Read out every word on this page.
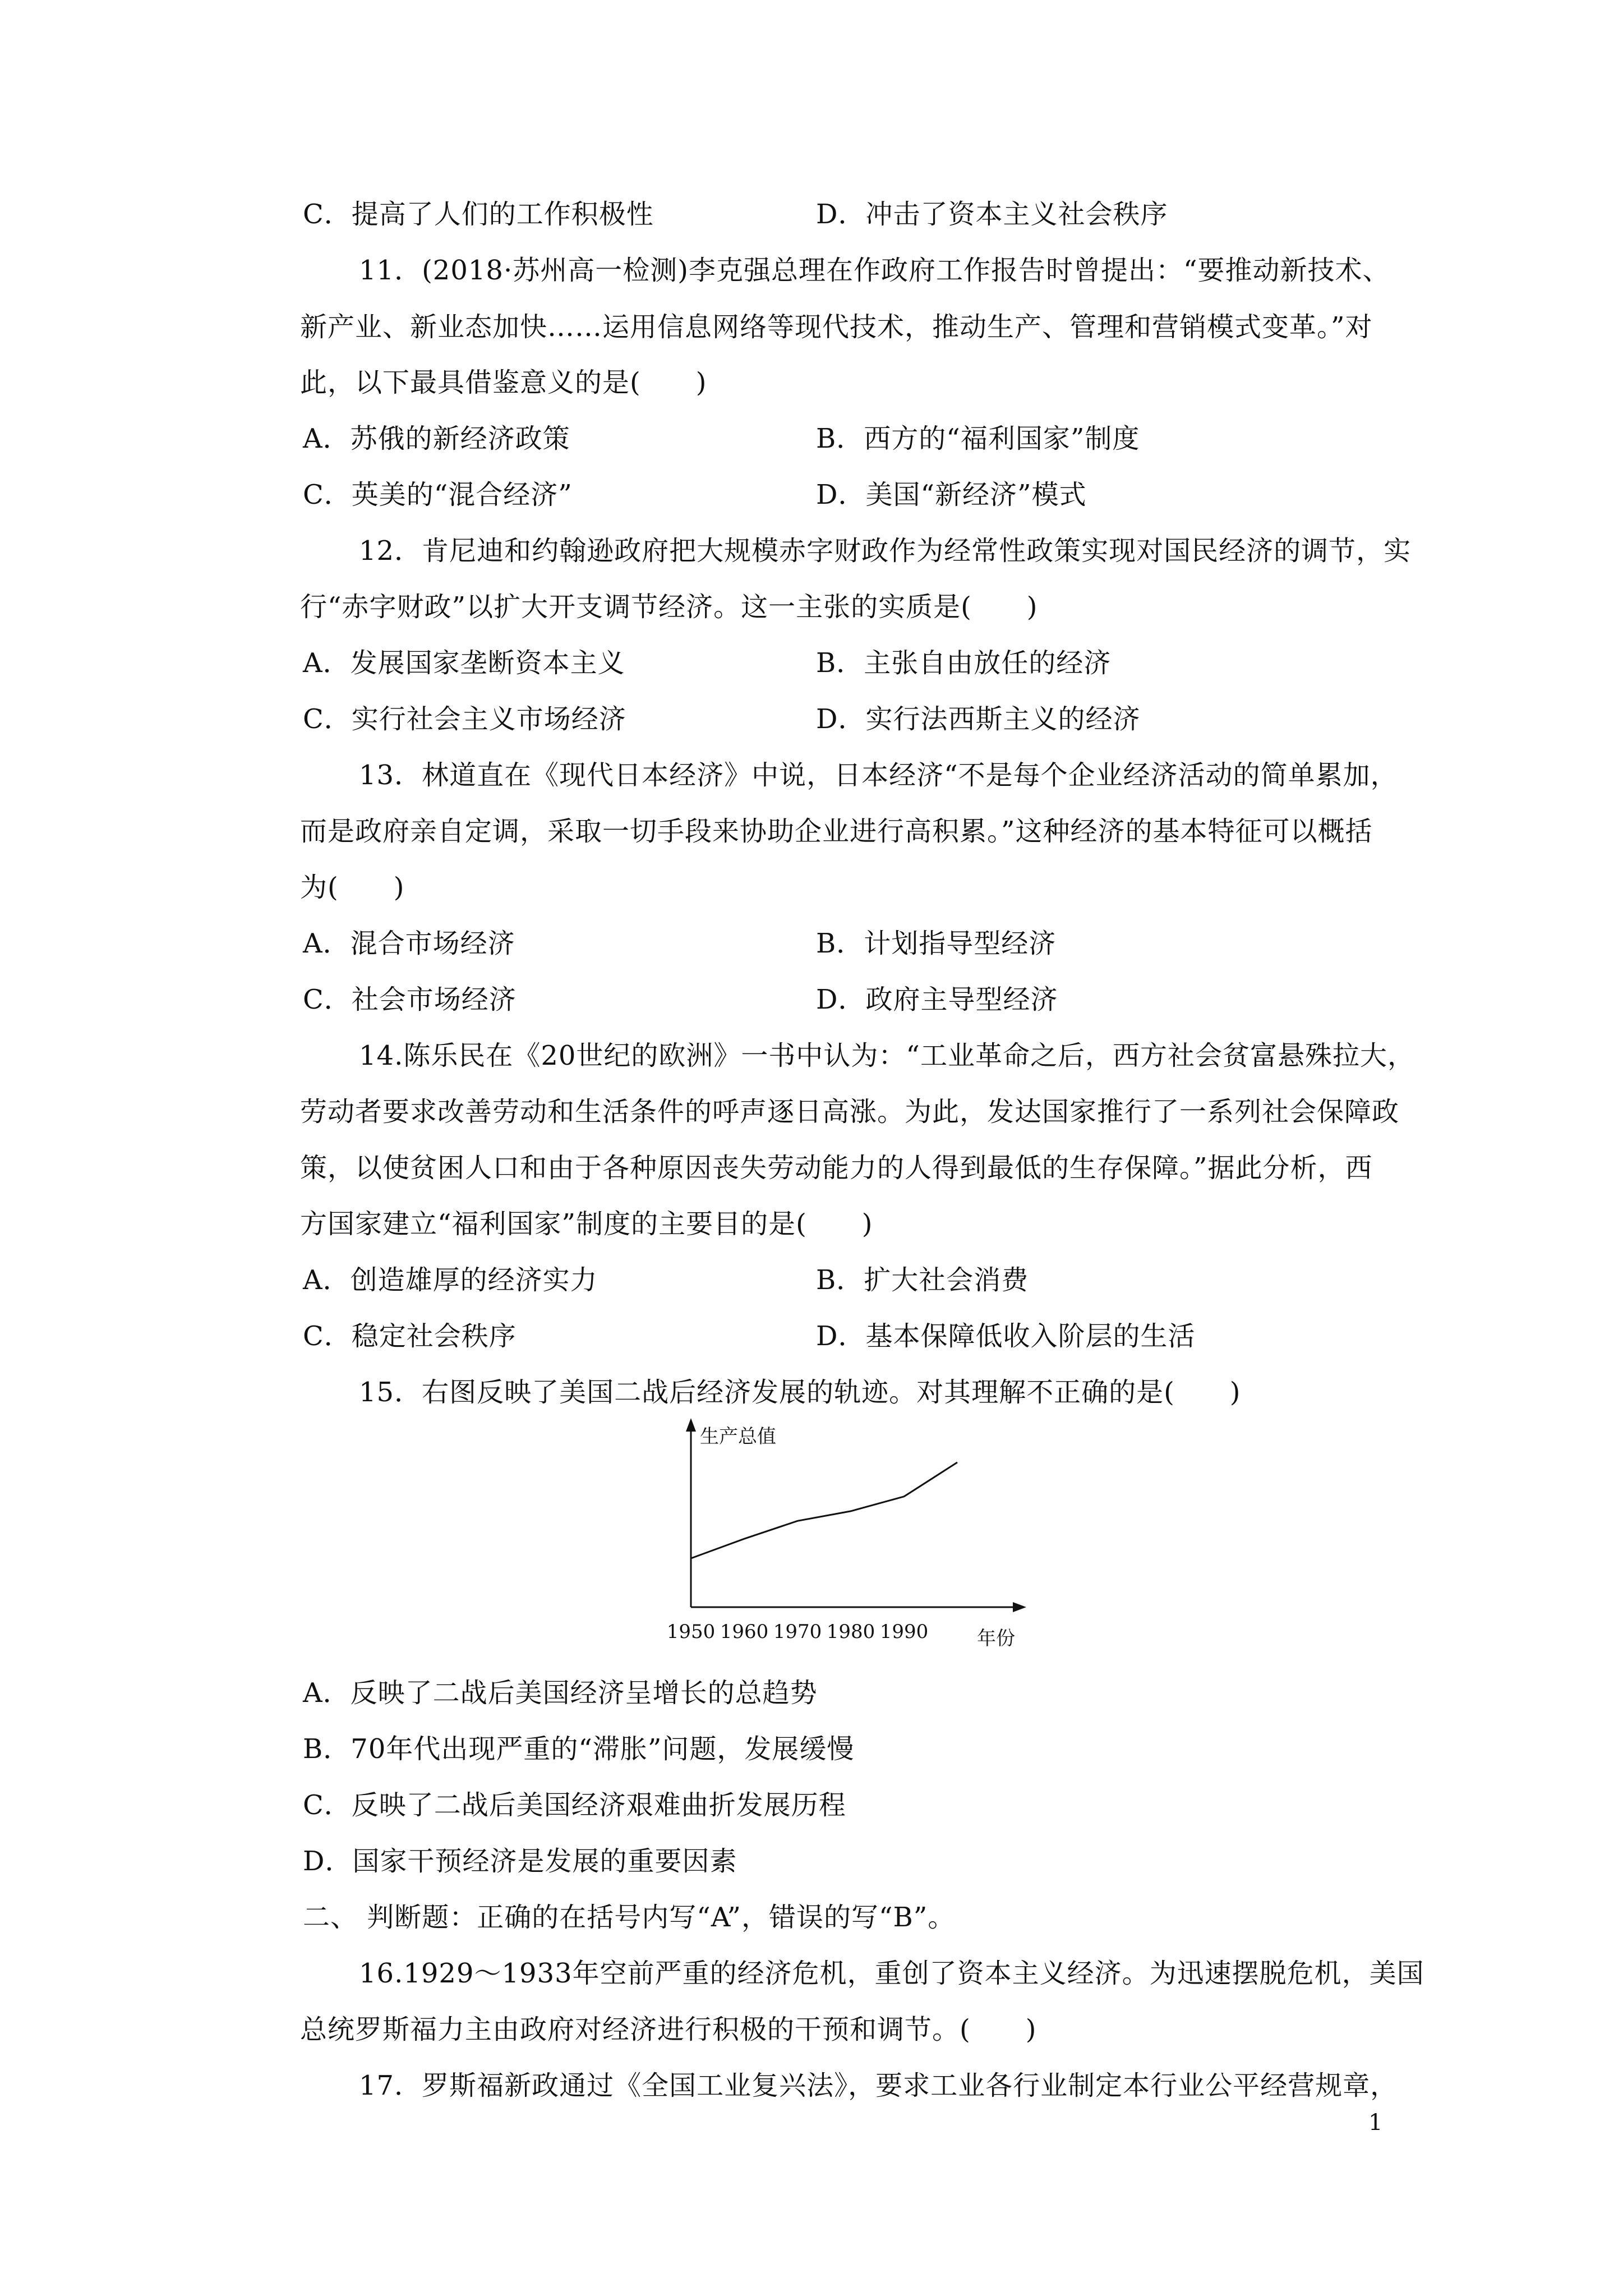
C．提高了人们的工作积极性	D．冲击了资本主义社会秩序
11．(2018·苏州高一检测)李克强总理在作政府工作报告时曾提出：“要推动新技术、
新产业、新业态加快……运用信息网络等现代技术，推动生产、管理和营销模式变革。”对
此，以下最具借鉴意义的是(　　)
A．苏俄的新经济政策	B．西方的“福利国家”制度
C．英美的“混合经济”	D．美国“新经济”模式
12．肯尼迪和约翰逊政府把大规模赤字财政作为经常性政策实现对国民经济的调节，实
行“赤字财政”以扩大开支调节经济。这一主张的实质是(　　)
A．发展国家垄断资本主义	B．主张自由放任的经济
C．实行社会主义市场经济	D．实行法西斯主义的经济
13．林道直在《现代日本经济》中说，日本经济“不是每个企业经济活动的简单累加，
而是政府亲自定调，采取一切手段来协助企业进行高积累。”这种经济的基本特征可以概括
为(　　)
A．混合市场经济	B．计划指导型经济
C．社会市场经济	D．政府主导型经济
14.陈乐民在《20世纪的欧洲》一书中认为：“工业革命之后，西方社会贫富悬殊拉大，
劳动者要求改善劳动和生活条件的呼声逐日高涨。为此，发达国家推行了一系列社会保障政
策，以使贫困人口和由于各种原因丧失劳动能力的人得到最低的生存保障。”据此分析，西
方国家建立“福利国家”制度的主要目的是(　　)
A．创造雄厚的经济实力	B．扩大社会消费
C．稳定社会秩序	D．基本保障低收入阶层的生活
15．右图反映了美国二战后经济发展的轨迹。对其理解不正确的是(　　)
生产总值
年份
1950 1960 1970 1980 1990
A．反映了二战后美国经济呈增长的总趋势
B．70年代出现严重的“滞胀”问题，发展缓慢
C．反映了二战后美国经济艰难曲折发展历程
D．国家干预经济是发展的重要因素
二、 判断题：正确的在括号内写“A”，错误的写“B”。
16.1929～1933年空前严重的经济危机，重创了资本主义经济。为迅速摆脱危机，美国
总统罗斯福力主由政府对经济进行积极的干预和调节。(　　)
17．罗斯福新政通过《全国工业复兴法》，要求工业各行业制定本行业公平经营规章，
1
